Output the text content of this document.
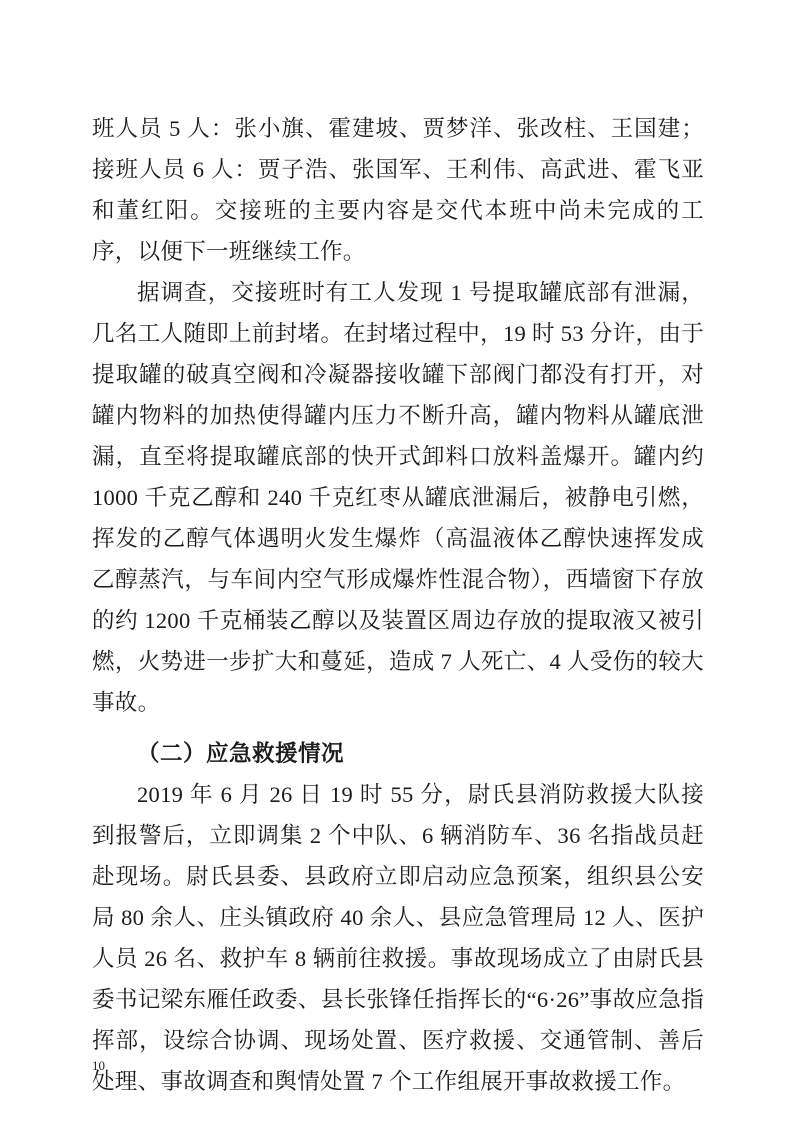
班人员 5 人：张小旗、霍建坡、贾梦洋、张改柱、王国建；接班人员 6 人：贾子浩、张国军、王利伟、高武进、霍飞亚和董红阳。交接班的主要内容是交代本班中尚未完成的工序，以便下一班继续工作。

据调查，交接班时有工人发现 1 号提取罐底部有泄漏，几名工人随即上前封堵。在封堵过程中，19 时 53 分许，由于提取罐的破真空阀和冷凝器接收罐下部阀门都没有打开，对罐内物料的加热使得罐内压力不断升高，罐内物料从罐底泄漏，直至将提取罐底部的快开式卸料口放料盖爆开。罐内约 1000 千克乙醇和 240 千克红枣从罐底泄漏后，被静电引燃，挥发的乙醇气体遇明火发生爆炸（高温液体乙醇快速挥发成乙醇蒸汽，与车间内空气形成爆炸性混合物），西墙窗下存放的约 1200 千克桶装乙醇以及装置区周边存放的提取液又被引燃，火势进一步扩大和蔓延，造成 7 人死亡、4 人受伤的较大事故。

（二）应急救援情况

2019 年 6 月 26 日 19 时 55 分，尉氏县消防救援大队接到报警后，立即调集 2 个中队、6 辆消防车、36 名指战员赶赴现场。尉氏县委、县政府立即启动应急预案，组织县公安局 80 余人、庄头镇政府 40 余人、县应急管理局 12 人、医护人员 26 名、救护车 8 辆前往救援。事故现场成立了由尉氏县委书记梁东雁任政委、县长张锋任指挥长的“6·26”事故应急指挥部，设综合协调、现场处置、医疗救援、交通管制、善后处理、事故调查和舆情处置 7 个工作组展开事故救援工作。

10
